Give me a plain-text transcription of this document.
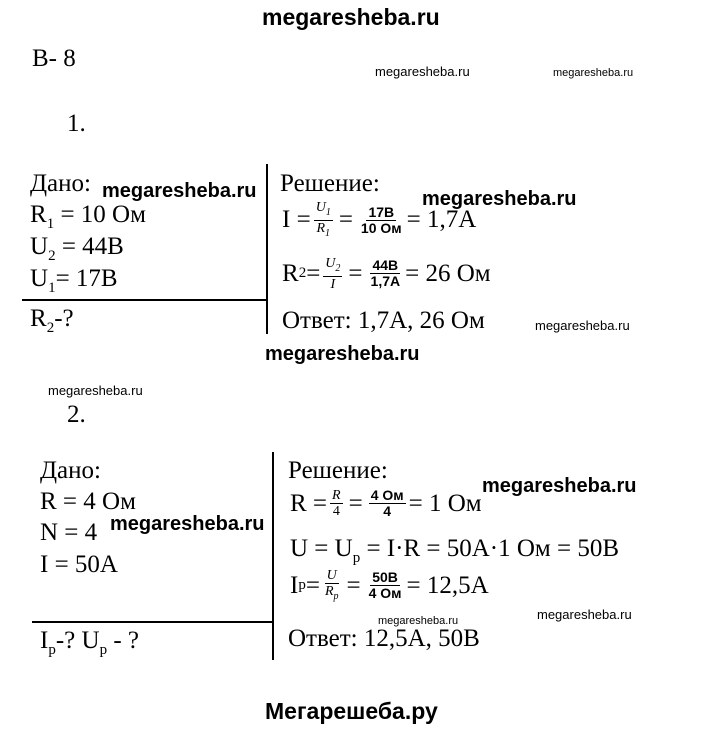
megaresheba.ru
В- 8	megaresheba.ru	megaresheba.ru
1.
Дано:
$R_1 = 10$ Ом
$U_2 = 44В$
$U_1= 17В$
$R_2-$?
megaresheba.ru Решение:
megaresheba.ru
$I = \frac{U_1}{R_1} = \frac{17В}{10 Ом} = 1,7А$
R $2 = \frac{U_2}{I} = \frac{44В}{1,7А} = 26$ Ом
Ответ: 1,7А, 26 Ом	megaresheba.ru
megaresheba.ru
megaresheba.ru
2.
Дано:
R = 4 Ом
N = 4
I = 50А
megaresheba.ru
$I_p-$? $U_p$ - ?
Решение:
megaresheba.ru
$R = \frac{R}{4} = \frac{4 Ом}{4} = 1$ Ом
$U = U_p = I\cdot R = 50А\cdot 1$ Ом = 50В
I $p = \frac{U}{R_p} = \frac{50В}{4 Ом} = 12,5А$
megaresheba.ru	megaresheba.ru
Ответ: 12,5А, 50В
Мегарешеба.ру
